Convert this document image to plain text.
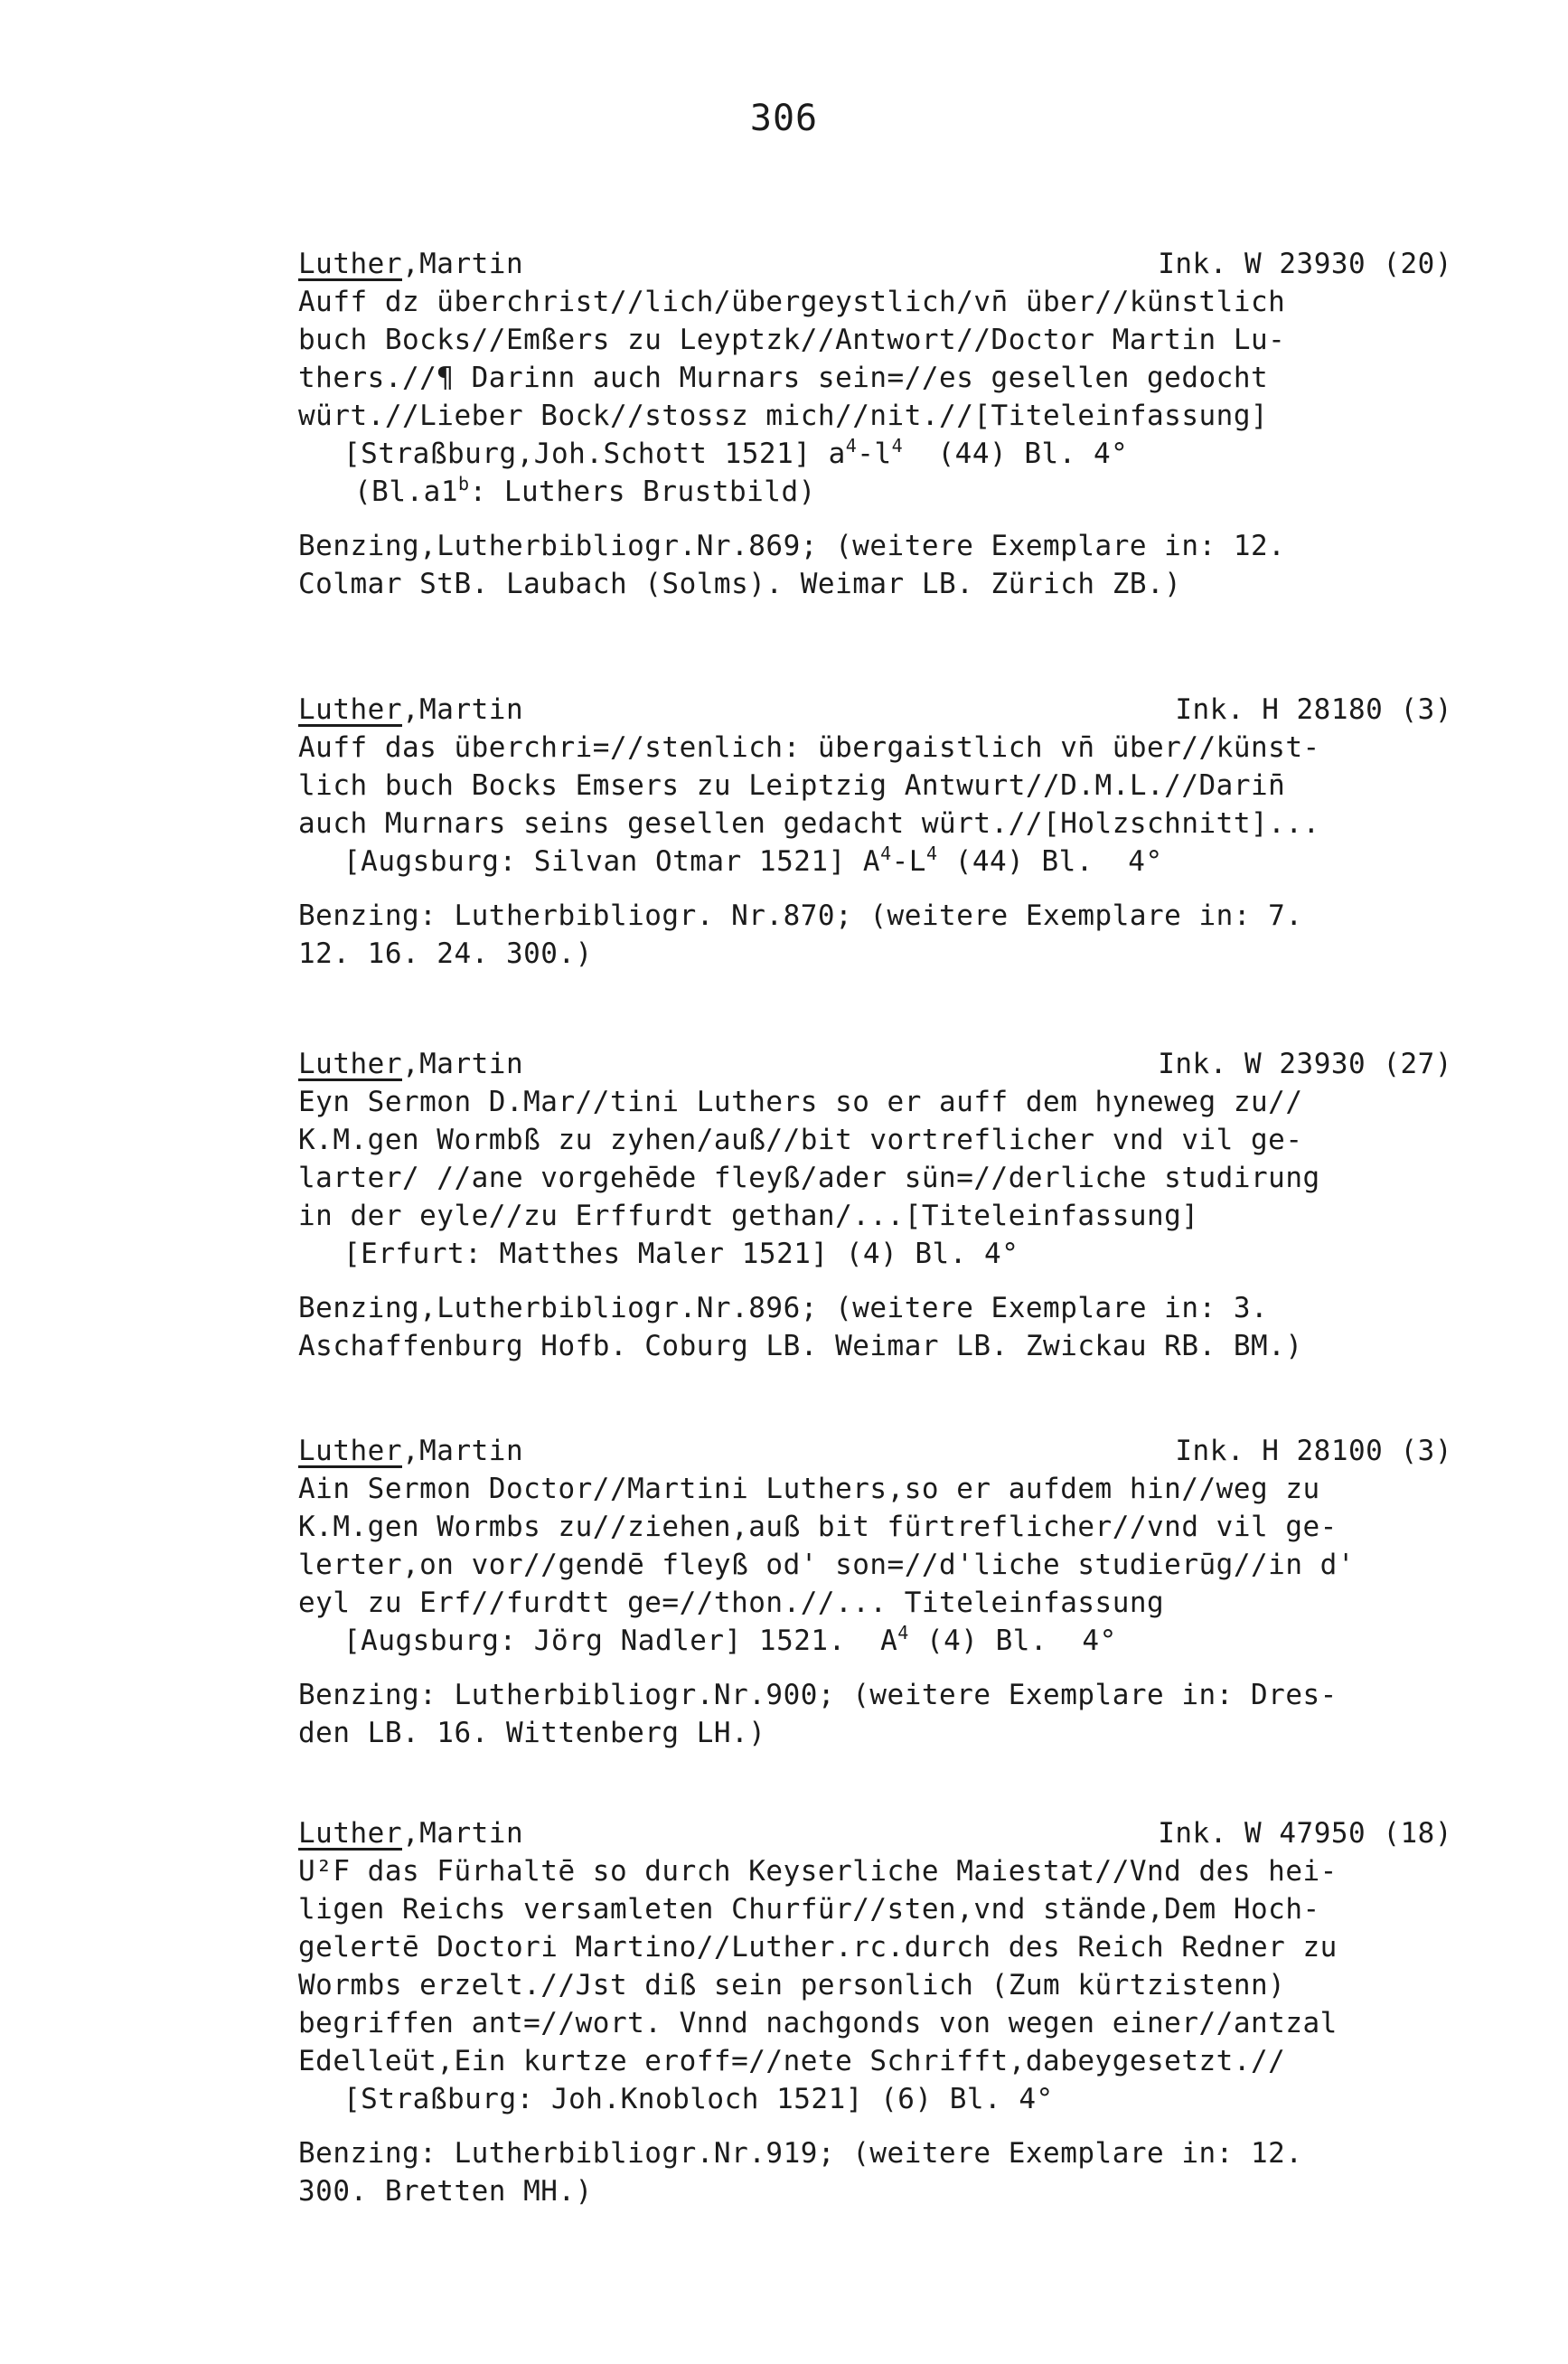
306
Luther,Martin	Ink. W 23930 (20)
Auff dz überchrist//lich/übergeystlich/vn̄ über//künstlich
buch Bocks//Emßers zu Leyptzk//Antwort//Doctor Martin Lu-
thers.//¶ Darinn auch Murnars sein=//es gesellen gedocht
würt.//Lieber Bock//stossz mich//nit.//[Titeleinfassung]
[Straßburg,Joh.Schott 1521] $a^4-l^4$  (44) Bl. 4°
(Bl.a1$^b$: Luthers Brustbild)
Benzing,Lutherbibliogr.Nr.869; (weitere Exemplare in: 12.
Colmar StB. Laubach (Solms). Weimar LB. Zürich ZB.)
Luther,Martin	Ink. H 28180 (3)
Auff das überchri=//stenlich: übergaistlich vn̄ über//künst-
lich buch Bocks Emsers zu Leiptzig Antwurt//D.M.L.//Darin̄
auch Murnars seins gesellen gedacht würt.//[Holzschnitt]...
[Augsburg: Silvan Otmar 1521] $A^4-L^4$ (44) Bl.  4°
Benzing: Lutherbibliogr. Nr.870; (weitere Exemplare in: 7.
12. 16. 24. 300.)
Luther,Martin	Ink. W 23930 (27)
Eyn Sermon D.Mar//tini Luthers so er auff dem hyneweg zu//
K.M.gen Wormbß zu zyhen/auß//bit vortreflicher vnd vil ge-
larter/ //ane vorgehēde fleyß/ader sün=//derliche studirung
in der eyle//zu Erffurdt gethan/...[Titeleinfassung]
[Erfurt: Matthes Maler 1521] (4) Bl. 4°
Benzing,Lutherbibliogr.Nr.896; (weitere Exemplare in: 3.
Aschaffenburg Hofb. Coburg LB. Weimar LB. Zwickau RB. BM.)
Luther,Martin	Ink. H 28100 (3)
Ain Sermon Doctor//Martini Luthers,so er aufdem hin//weg zu
K.M.gen Wormbs zu//ziehen,auß bit fürtreflicher//vnd vil ge-
lerter,on vor//gendē fleyß od' son=//d'liche studierūg//in d'
eyl zu Erf//furdtt ge=//thon.//... Titeleinfassung
[Augsburg: Jörg Nadler] 1521.  $A^4$ (4) Bl.  4°
Benzing: Lutherbibliogr.Nr.900; (weitere Exemplare in: Dres-
den LB. 16. Wittenberg LH.)
Luther,Martin	Ink. W 47950 (18)
U²F das Fürhaltē so durch Keyserliche Maiestat//Vnd des hei-
ligen Reichs versamleten Churfür//sten,vnd stände,Dem Hoch-
gelertē Doctori Martino//Luther.rc.durch des Reich Redner zu
Wormbs erzelt.//Jst diß sein personlich (Zum kürtzistenn)
begriffen ant=//wort. Vnnd nachgonds von wegen einer//antzal
Edelleüt,Ein kurtze eroff=//nete Schrifft,dabeygesetzt.//
[Straßburg: Joh.Knobloch 1521] (6) Bl. 4°
Benzing: Lutherbibliogr.Nr.919; (weitere Exemplare in: 12.
300. Bretten MH.)
